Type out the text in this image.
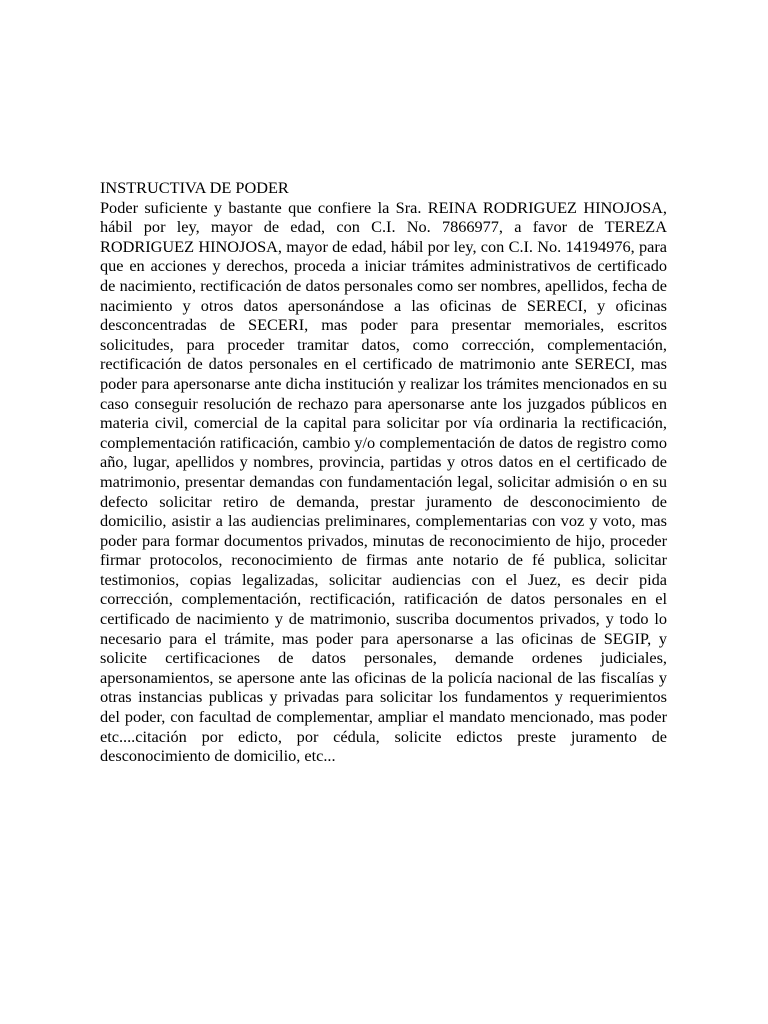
INSTRUCTIVA DE PODER

Poder suficiente y bastante que confiere la Sra. REINA RODRIGUEZ HINOJOSA, hábil por ley, mayor de edad, con C.I. No. 7866977, a favor de TEREZA RODRIGUEZ HINOJOSA, mayor de edad, hábil por ley, con C.I. No. 14194976, para que en acciones y derechos, proceda a iniciar trámites administrativos de certificado de nacimiento, rectificación de datos personales como ser nombres, apellidos, fecha de nacimiento y otros datos apersonándose a las oficinas de SERECI, y oficinas desconcentradas de SECERI, mas poder para presentar memoriales, escritos solicitudes, para proceder tramitar datos, como corrección, complementación, rectificación de datos personales en el certificado de matrimonio ante SERECI, mas poder para apersonarse ante dicha institución y realizar los trámites mencionados en su caso conseguir resolución de rechazo para apersonarse ante los juzgados públicos en materia civil, comercial de la capital para solicitar por vía ordinaria la rectificación, complementación ratificación, cambio y/o complementación de datos de registro como año, lugar, apellidos y nombres, provincia, partidas y otros datos en el certificado de matrimonio, presentar demandas con fundamentación legal, solicitar admisión o en su defecto solicitar retiro de demanda, prestar juramento de desconocimiento de domicilio, asistir a las audiencias preliminares, complementarias con voz y voto, mas poder para formar documentos privados, minutas de reconocimiento de hijo, proceder firmar protocolos, reconocimiento de firmas ante notario de fé publica, solicitar testimonios, copias legalizadas, solicitar audiencias con el Juez, es decir pida corrección, complementación, rectificación, ratificación de datos personales en el certificado de nacimiento y de matrimonio, suscriba documentos privados, y todo lo necesario para el trámite, mas poder para apersonarse a las oficinas de SEGIP, y solicite certificaciones de datos personales, demande ordenes judiciales, apersonamientos, se apersone ante las oficinas de la policía nacional de las fiscalías y otras instancias publicas y privadas para solicitar los fundamentos y requerimientos del poder, con facultad de complementar, ampliar el mandato mencionado, mas poder etc....citación por edicto, por cédula, solicite edictos preste juramento de desconocimiento de domicilio, etc...
